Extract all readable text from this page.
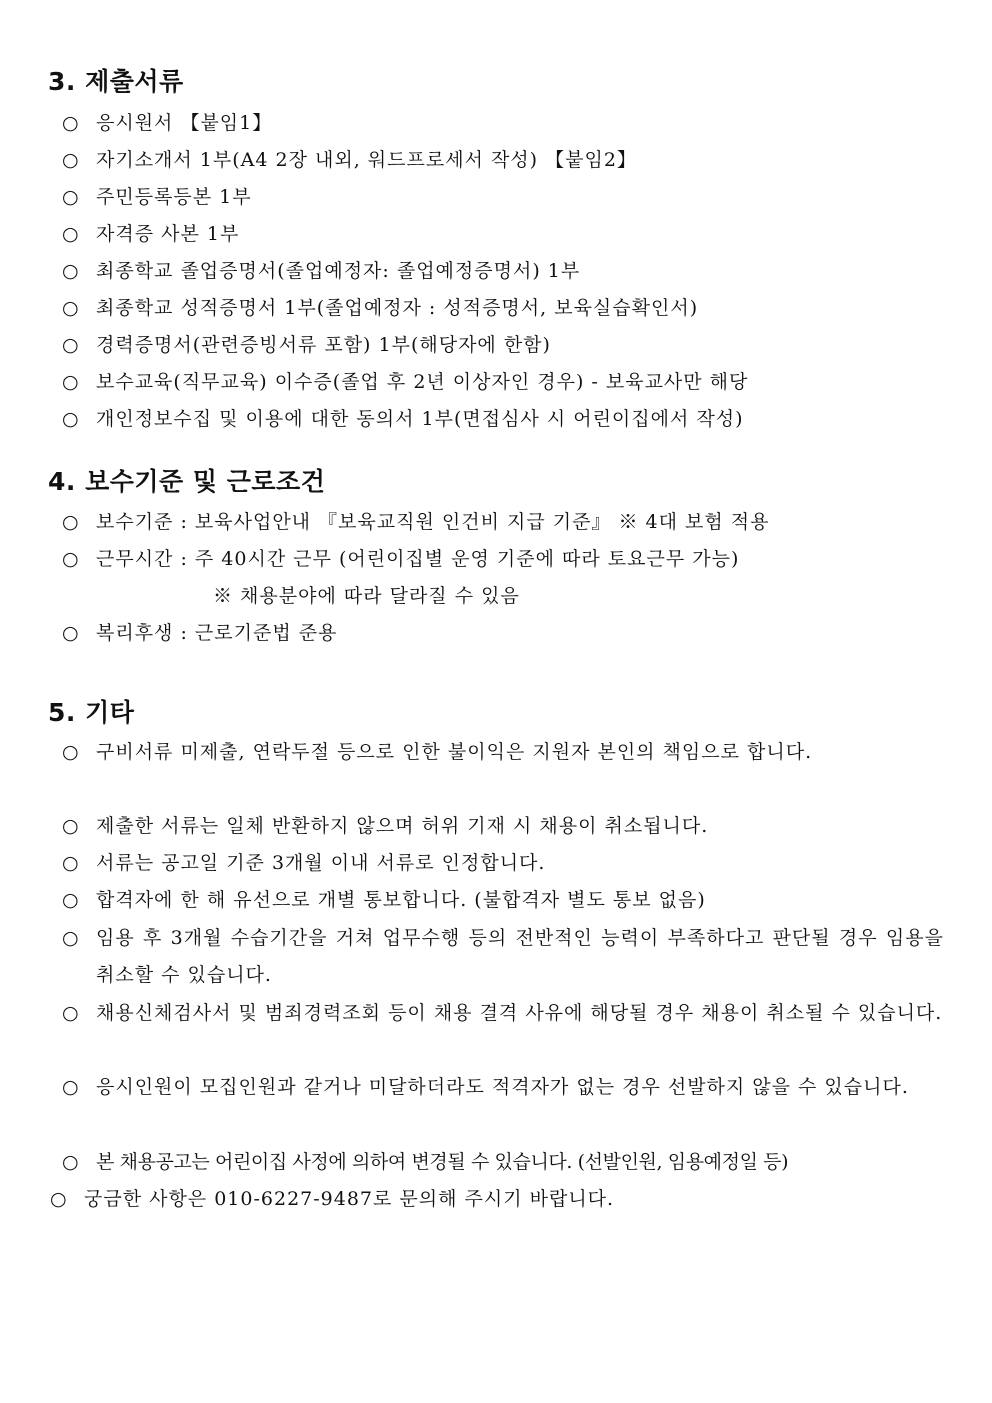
3. 제출서류

○ 응시원서 【붙임1】

○ 자기소개서 1부(A4 2장 내외, 워드프로세서 작성) 【붙임2】

○ 주민등록등본 1부

○ 자격증 사본 1부

○ 최종학교 졸업증명서(졸업예정자: 졸업예정증명서) 1부

○ 최종학교 성적증명서 1부(졸업예정자 : 성적증명서, 보육실습확인서)

○ 경력증명서(관련증빙서류 포함) 1부(해당자에 한함)

○ 보수교육(직무교육) 이수증(졸업 후 2년 이상자인 경우) - 보육교사만 해당

○ 개인정보수집 및 이용에 대한 동의서 1부(면접심사 시 어린이집에서 작성)

4. 보수기준 및 근로조건

○ 보수기준 : 보육사업안내 『보육교직원 인건비 지급 기준』 ※ 4대 보험 적용

○ 근무시간 : 주 40시간 근무 (어린이집별 운영 기준에 따라 토요근무 가능)

※ 채용분야에 따라 달라질 수 있음

○ 복리후생 : 근로기준법 준용

5. 기타

○ 구비서류 미제출, 연락두절 등으로 인한 불이익은 지원자 본인의 책임으로 합니다.

○ 제출한 서류는 일체 반환하지 않으며 허위 기재 시 채용이 취소됩니다.

○ 서류는 공고일 기준 3개월 이내 서류로 인정합니다.

○ 합격자에 한 해 유선으로 개별 통보합니다. (불합격자 별도 통보 없음)

○ 임용 후 3개월 수습기간을 거쳐 업무수행 등의 전반적인 능력이 부족하다고 판단될 경우 임용을 취소할 수 있습니다.

○ 채용신체검사서 및 범죄경력조회 등이 채용 결격 사유에 해당될 경우 채용이 취소될 수 있습니다.

○ 응시인원이 모집인원과 같거나 미달하더라도 적격자가 없는 경우 선발하지 않을 수 있습니다.

○ 본 채용공고는 어린이집 사정에 의하여 변경될 수 있습니다. (선발인원, 임용예정일 등)

○ 궁금한 사항은 010-6227-9487로 문의해 주시기 바랍니다.
